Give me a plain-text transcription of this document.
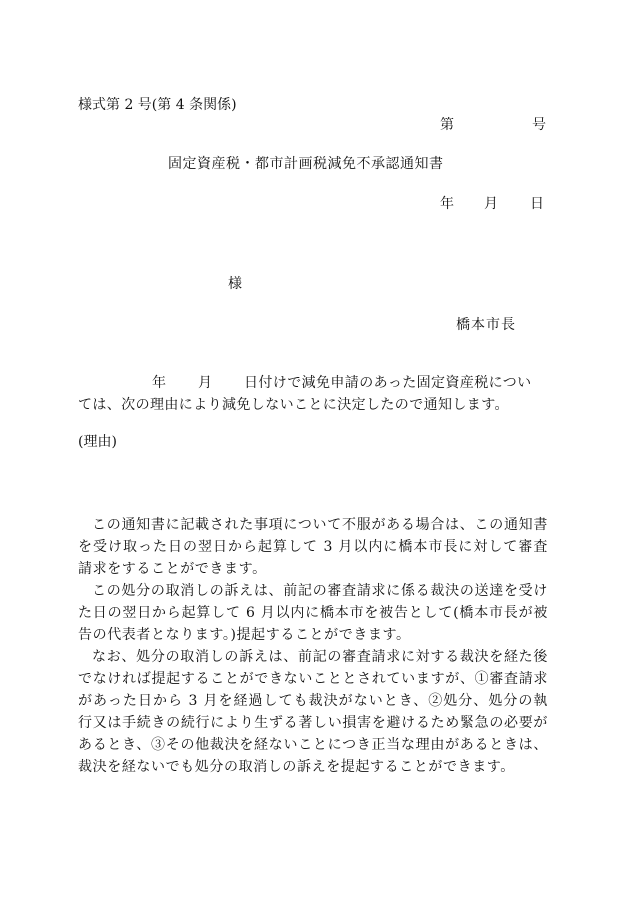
様式第 2 号(第 4 条関係)
第	号
固定資産税・都市計画税減免不承認通知書
年 月 日
様
橋本市長
年 月 日付けで減免申請のあった固定資産税につい
ては、次の理由により減免しないことに決定したので通知します。
(理由)

この通知書に記載された事項について不服がある場合は、この通知書を受け取った日の翌日から起算して 3 月以内に橋本市長に対して審査請求をすることができます。

この処分の取消しの訴えは、前記の審査請求に係る裁決の送達を受けた日の翌日から起算して 6 月以内に橋本市を被告として(橋本市長が被告の代表者となります。)提起することができます。

なお、処分の取消しの訴えは、前記の審査請求に対する裁決を経た後でなければ提起することができないこととされていますが、①審査請求があった日から 3 月を経過しても裁決がないとき、②処分、処分の執行又は手続きの続行により生ずる著しい損害を避けるため緊急の必要があるとき、③その他裁決を経ないことにつき正当な理由があるときは、裁決を経ないでも処分の取消しの訴えを提起することができます。
